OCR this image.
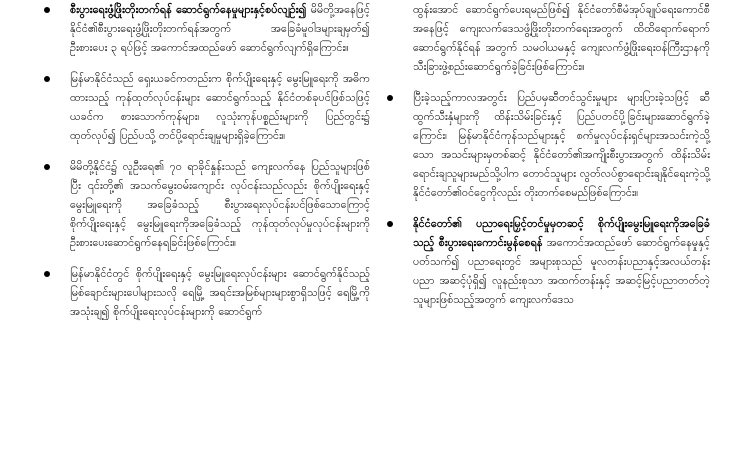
စီးပွားရေးဖွံ့ဖြိုးတိုးတက်ရန် ဆောင်ရွက်နေမှုများနှင့်စပ်လျဉ်း၍ မိမိတို့အနေဖြင့် နိုင်ငံ၏စီးပွားရေးဖွံ့ဖြိုးတိုးတက်ရန်အတွက် အခြေခံမူဝါဒများချမှတ်၍ ဦးစားပေး ၃ ရပ်ဖြင့် အကောင်အထည်ဖော် ဆောင်ရွက်လျက်ရှိကြောင်း။

မြန်မာနိုင်ငံသည် ရှေးယခင်ကတည်းက စိုက်ပျိုးရေးနှင့် မွေးမြူရေးကို အဓိကထားသည့် ကုန်ထုတ်လုပ်ငန်းများ ဆောင်ရွက်သည့် နိုင်ငံတစ်ခုပင်ဖြစ်သဖြင့် ယခင်က စားသောက်ကုန်များ၊ လူသုံးကုန်ပစ္စည်းများကို ပြည်တွင်း၌ ထုတ်လုပ်၍ ပြည်ပသို့ တင်ပို့ရောင်းချမှုများရှိခဲ့ကြောင်း။

မိမိတို့နိုင်ငံ၌ လူဦးရေ၏ ၇၀ ရာခိုင်နှုန်းသည် ကျေးလက်နေ ပြည်သူများဖြစ်ပြီး ၎င်းတို့၏ အသက်မွေးဝမ်းကျောင်း လုပ်ငန်းသည်လည်း စိုက်ပျိုးရေးနှင့် မွေးမြူရေးကို အခြေခံသည့် စီးပွားရေးလုပ်ငန်းပင်ဖြစ်သောကြောင့် စိုက်ပျိုးရေးနှင့် မွေးမြူရေးကိုအခြေခံသည့် ကုန်ထုတ်လုပ်မှုလုပ်ငန်းများကို ဦးစားပေးဆောင်ရွက်နေရခြင်းဖြစ်ကြောင်း။

မြန်မာနိုင်ငံတွင် စိုက်ပျိုးရေးနှင့် မွေးမြူရေးလုပ်ငန်းများ ဆောင်ရွက်နိုင်သည့် မြစ်ချောင်းများပေါများသလို ရေမြို့ အရင်းအမြစ်များများစွာရှိသဖြင့် ရေမြို့ကို အသုံးချ၍ စိုက်ပျိုးရေးလုပ်ငန်းများကို ဆောင်ရွက်

ထွန်းအောင် ဆောင်ရွက်ပေးရမည်ဖြစ်၍ နိုင်ငံတော်စီမံအုပ်ချုပ်ရေးကောင်စီအနေဖြင့် ကျေးလက်ဒေသဖွံ့ဖြိုးတိုးတက်ရေးအတွက် ထိထိရောက်ရောက်ဆောင်ရွက်နိုင်ရန် အတွက် သမဝါယမနှင့် ကျေးလက်ဖွံ့ဖြိုးရေးဝန်ကြီးဌာနကို သီးခြားဖွဲ့စည်းဆောင်ရွက်ခဲ့ခြင်းဖြစ်ကြောင်း။

ပြီးခဲ့သည့်ကာလအတွင်း ပြည်ပမှဆီတင်သွင်းမှုများ များပြားခဲ့သဖြင့် ဆီထွက်သီးနှံများကို ထိန်းသိမ်းခြင်းနှင့် ပြည်ပတင်ပို့ခြင်းများဆောင်ရွက်ခဲ့ကြောင်း၊ မြန်မာနိုင်ငံကုန်သည်များနှင့် စက်မှုလုပ်ငန်းရှင်များအသင်းကဲ့သို့သော အသင်းများမှတစ်ဆင့် နိုင်ငံတော်၏အကျိုးစီးပွားအတွက် ထိန်းသိမ်းရောင်းချသူများမည်သို့ပါက တောင်သူများ လွတ်လပ်စွာရောင်းချနိုင်ရေးကဲ့သို့ နိုင်ငံတော်၏ဝင်ငွေကိုလည်း တိုးတက်စေမည်ဖြစ်ကြောင်း။

နိုင်ငံတော်၏ ပညာရေးမြှင့်တင်မှုမှတဆင့် စိုက်ပျိုးမွေးမြူရေးကိုအခြေခံသည့် စီးပွားရေးကောင်းမွန်စေရန် အကောင်အထည်ဖော် ဆောင်ရွက်နေမှုနှင့် ပတ်သက်၍ ပညာရေးတွင် အများစုသည် မူလတန်းပညာနှင့်အလယ်တန်းပညာ အဆင့်ပုံရှိ၍ လူနည်းစုသာ အထက်တန်းနှင့် အဆင့်မြင့်ပညာတတ်တဲ့သူများဖြစ်သည့်အတွက် ကျေးလက်ဒေသ
